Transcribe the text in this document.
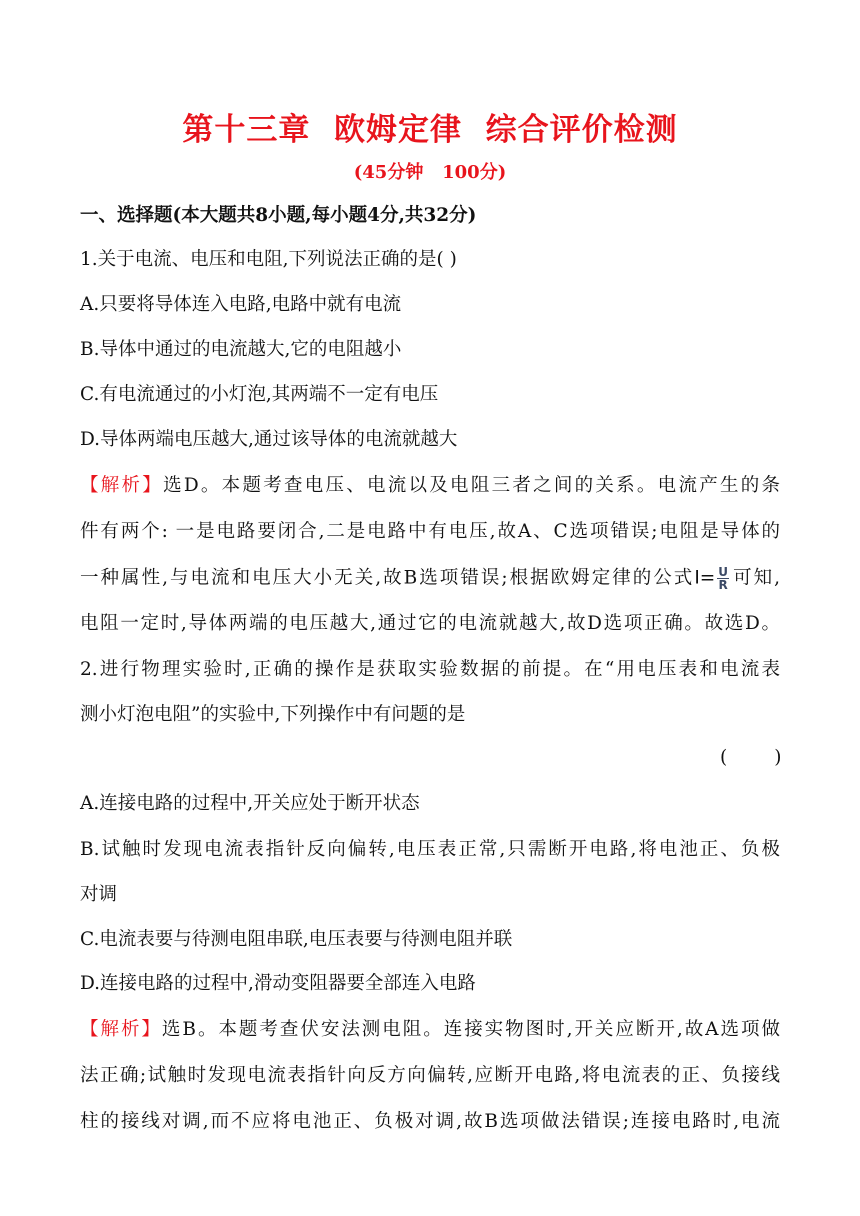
第十三章  欧姆定律  综合评价检测
(45分钟   100分)
一、选择题(本大题共8小题,每小题4分,共32分)
1.关于电流、电压和电阻,下列说法正确的是( )
A.只要将导体连入电路,电路中就有电流
B.导体中通过的电流越大,它的电阻越小
C.有电流通过的小灯泡,其两端不一定有电压
D.导体两端电压越大,通过该导体的电流就越大
【解析】选D。本题考查电压、电流以及电阻三者之间的关系。电流产生的条
件有两个: 一是电路要闭合,二是电路中有电压,故A、C选项错误;电阻是导体的
一种属性,与电流和电压大小无关,故B选项错误;根据欧姆定律的公式$I= \frac{U}{R}$ 可知,
电阻一定时,导体两端的电压越大,通过它的电流就越大,故D选项正确。故选D。
2.进行物理实验时,正确的操作是获取实验数据的前提。在“用电压表和电流表
测小灯泡电阻”的实验中,下列操作中有问题的是
(        )
A.连接电路的过程中,开关应处于断开状态
B.试触时发现电流表指针反向偏转,电压表正常,只需断开电路,将电池正、负极
对调
C.电流表要与待测电阻串联,电压表要与待测电阻并联
D.连接电路的过程中,滑动变阻器要全部连入电路
【解析】选B。本题考查伏安法测电阻。连接实物图时,开关应断开,故A选项做
法正确;试触时发现电流表指针向反方向偏转,应断开电路,将电流表的正、负接线
柱的接线对调,而不应将电池正、负极对调,故B选项做法错误;连接电路时,电流
